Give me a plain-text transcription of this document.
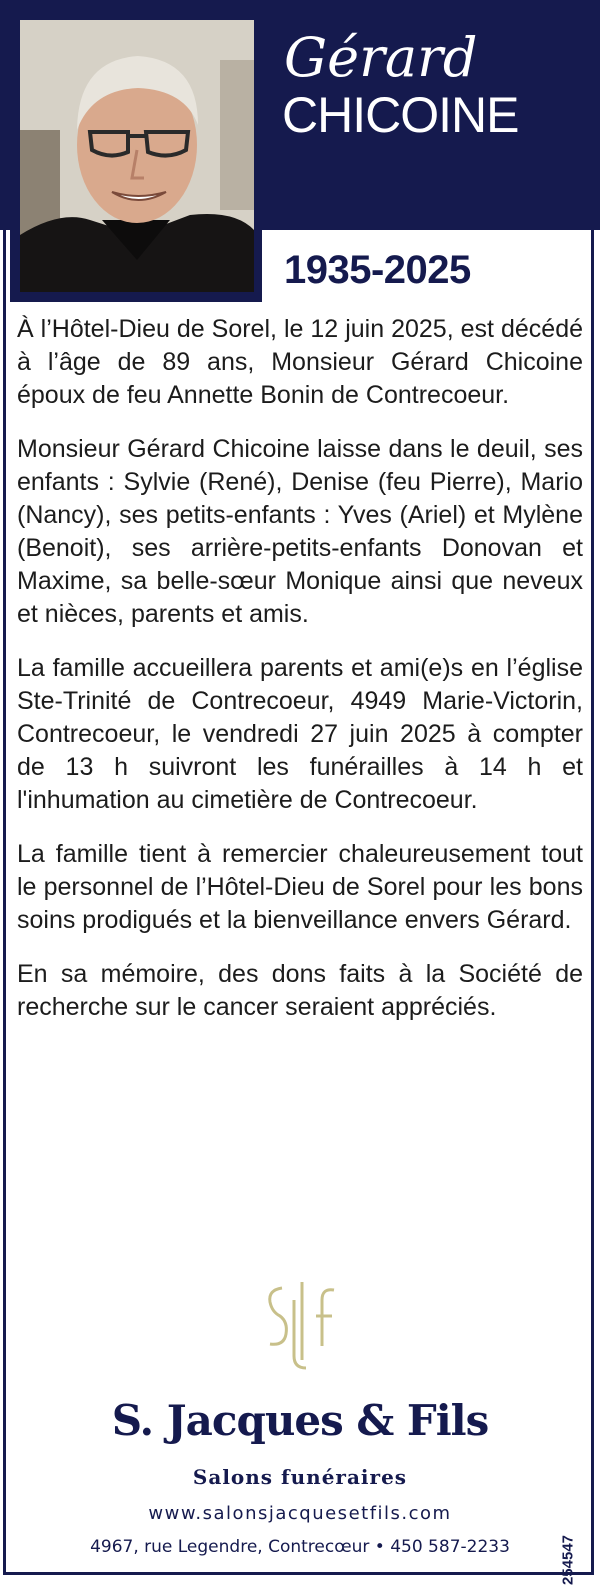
Gérard
CHICOINE
1935-2025

À l’Hôtel-Dieu de Sorel, le 12 juin 2025, est décédé à l’âge de 89 ans, Monsieur Gérard Chicoine époux de feu Annette Bonin de Contrecoeur.

Monsieur Gérard Chicoine laisse dans le deuil, ses enfants : Sylvie (René), Denise (feu Pierre), Mario (Nancy), ses petits-enfants : Yves (Ariel) et Mylène (Benoit), ses arrière-petits-enfants Donovan et Maxime, sa belle-sœur Monique ainsi que neveux et nièces, parents et amis.

La famille accueillera parents et ami(e)s en l’église Ste-Trinité de Contrecoeur, 4949 Marie-Victorin, Contrecoeur, le vendredi 27 juin 2025 à compter de 13 h suivront les funérailles à 14 h et l'inhumation au cimetière de Contrecoeur.

La famille tient à remercier chaleureusement tout le personnel de l’Hôtel-Dieu de Sorel pour les bons soins prodigués et la bienveillance envers Gérard.

En sa mémoire, des dons faits à la Société de recherche sur le cancer seraient appréciés.

S. Jacques & Fils
Salons funéraires
www.salonsjacquesetfils.com
4967, rue Legendre, Contrecœur • 450 587-2233	254547
